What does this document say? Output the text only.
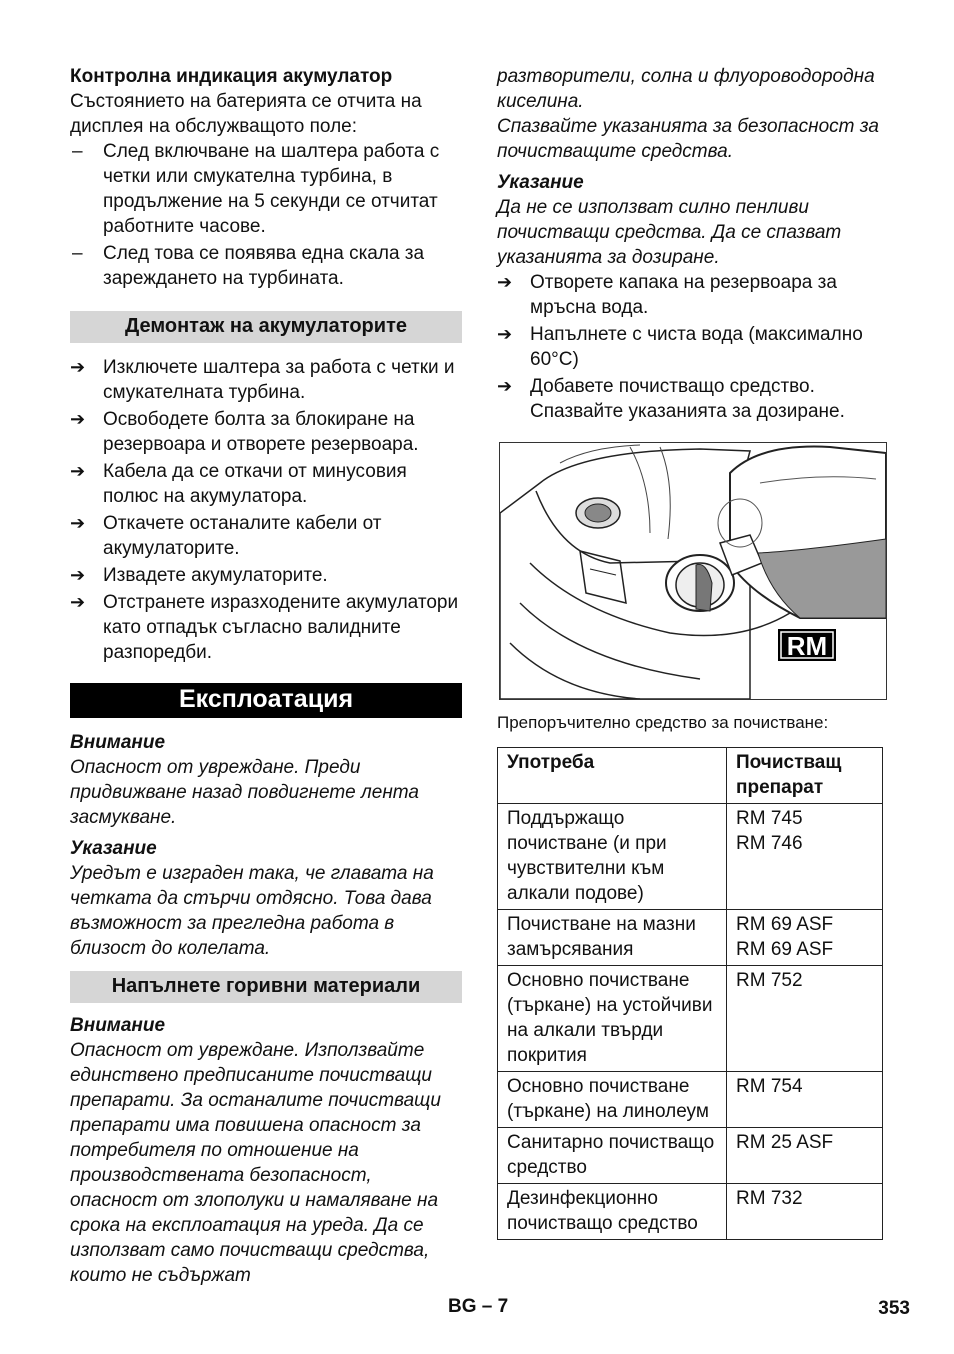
Контролна индикация акумулатор

Състоянието на батерията се отчита на дисплея на обслужващото поле:

–	След включване на шалтера работа с четки или смукателна турбина, в продължение на 5 секунди се отчитат работните часове.
–	След това се появява една скала за зареждането на турбината.
Демонтаж на акумулаторите
➔ Изключете шалтера за работа с четки и смукателната турбина.
➔ Освободете болта за блокиране на резервоара и отворете резервоара.
➔ Кабела да се откачи от минусовия полюс на акумулатора.
➔ Откачете останалите кабели от акумулаторите.
➔ Извадете акумулаторите.
➔ Отстранете изразходените акумулатори като отпадък съгласно валидните разпоредби.
Експлоатация

Внимание

Опасност от увреждане. Преди придвижване назад повдигнете лента засмукване.

Указание

Уредът е изграден така, че главата на четката да стърчи отдясно. Това дава възможност за прегледна работа в близост до колелата.

Напълнете горивни материали

Внимание

Опасност от увреждане. Използвайте единствено предписаните почистващи препарати. За останалите почистващи препарати има повишена опасност за потребителя по отношение на производствената безопасност, опасност от злополуки и намаляване на срока на експлоатация на уреда. Да се използват само почистващи средства, които не съдържат

разтворители, солна и флуороводородна киселина.

Спазвайте указанията за безопасност за почистващите средства.

Указание

Да не се използват силно пенливи почистващи средства. Да се спазват указанията за дозиране.

➔ Отворете капака на резервоара за мръсна вода.
➔ Напълнете с чиста вода (максимално 60°C)
➔ Добавете почистващо средство. Спазвайте указанията за дозиране.
RM

Препоръчително средство за почистване:

Употреба	Почистващ препарат
Поддържащо почистване (и при чувствителни към алкали подове)	RM 745
RM 746
Почистване на мазни замърсявания	RM 69 ASF
RM 69 ASF
Основно почистване (търкане) на устойчиви на алкали твърди покрития	RM 752
Основно почистване (търкане) на линолеум	RM 754
Санитарно почистващо средство	RM 25 ASF
Дезинфекционно почистващо средство	RM 732
BG – 7	353
